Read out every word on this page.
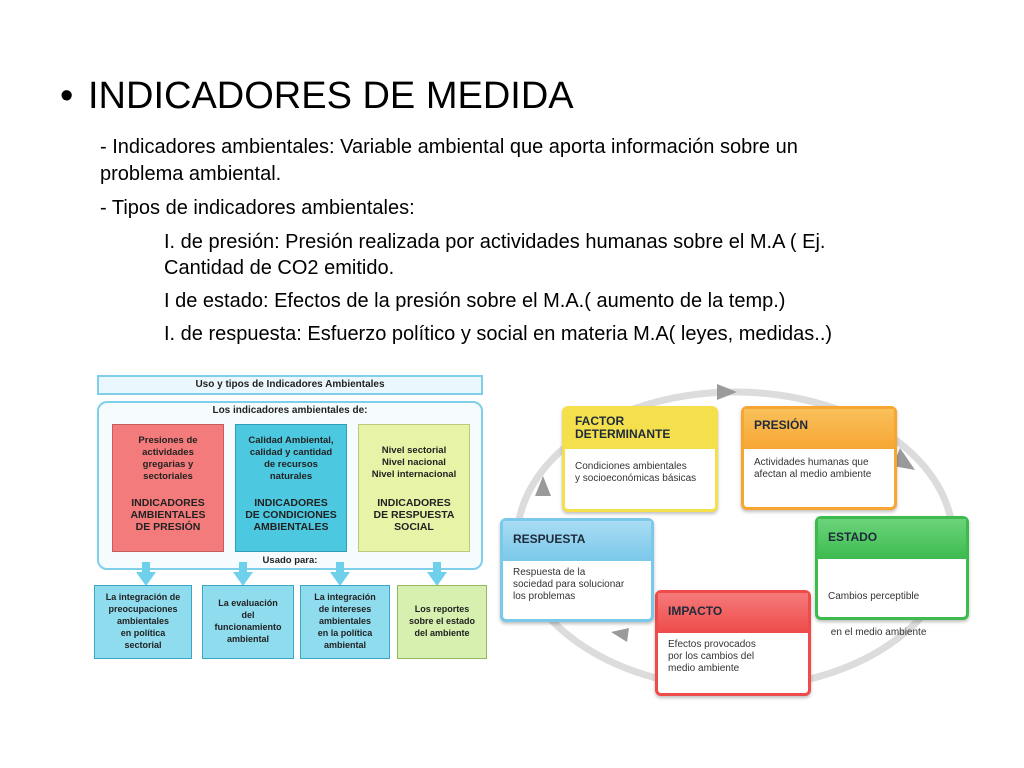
• INDICADORES DE MEDIDA
- Indicadores ambientales: Variable ambiental que aporta información sobre un
problema ambiental.
- Tipos de indicadores ambientales:
I. de presión: Presión realizada por actividades humanas sobre el M.A ( Ej.
Cantidad de CO2 emitido.
I de estado: Efectos de la presión sobre el M.A.( aumento de la temp.)
I. de respuesta: Esfuerzo político y social en materia M.A( leyes, medidas..)
Uso y tipos de Indicadores Ambientales
Los indicadores ambientales de:
Presiones de
actividades
gregarias y
sectoriales
INDICADORES
AMBIENTALES
DE PRESIÓN
Calidad Ambiental,
calidad y cantidad
de recursos
naturales
INDICADORES
DE CONDICIONES
AMBIENTALES
Nivel sectorial
Nivel nacional
Nivel internacional
INDICADORES
DE RESPUESTA
SOCIAL
Usado para:
La integración de
preocupaciones
ambientales
en política
sectorial
La evaluación
del
funcionamiento
ambiental
La integración
de intereses
ambientales
en la política
ambiental
Los reportes
sobre el estado
del ambiente
FACTOR
DETERMINANTE
Condiciones ambientales
y socioeconómicas básicas
PRESIÓN
Actividades humanas que
afectan al medio ambiente
ESTADO

Cambios perceptible

en el medio ambiente

IMPACTO
Efectos provocados
por los cambios del
medio ambiente
RESPUESTA
Respuesta de la
sociedad para solucionar
los problemas
